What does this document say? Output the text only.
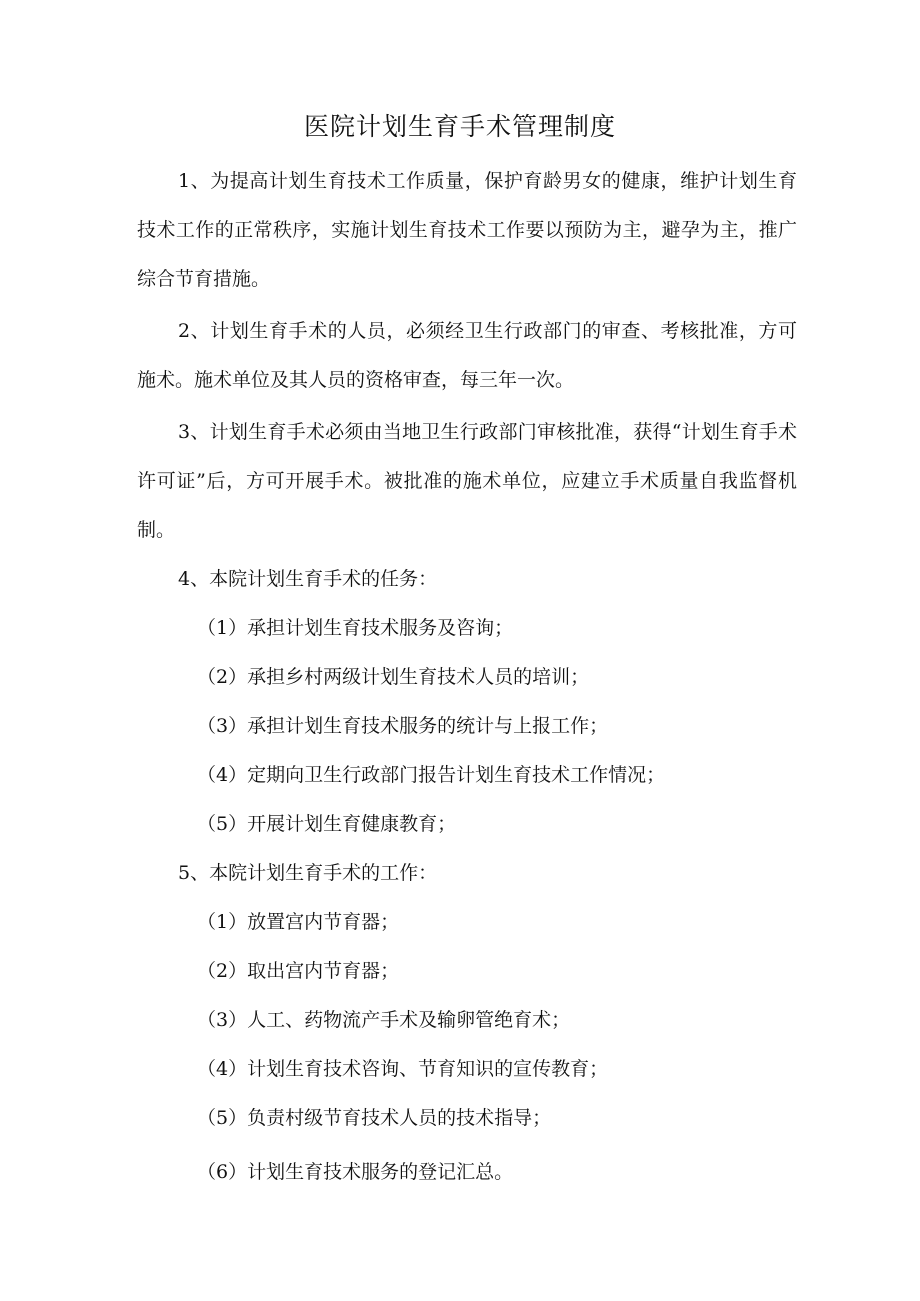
医院计划生育手术管理制度

1、为提高计划生育技术工作质量，保护育龄男女的健康，维护计划生育技术工作的正常秩序，实施计划生育技术工作要以预防为主，避孕为主，推广综合节育措施。

2、计划生育手术的人员，必须经卫生行政部门的审查、考核批准，方可施术。施术单位及其人员的资格审查，每三年一次。

3、计划生育手术必须由当地卫生行政部门审核批准，获得“计划生育手术许可证”后，方可开展手术。被批准的施术单位，应建立手术质量自我监督机制。

4、本院计划生育手术的任务：

（1）承担计划生育技术服务及咨询；

（2）承担乡村两级计划生育技术人员的培训；

（3）承担计划生育技术服务的统计与上报工作；

（4）定期向卫生行政部门报告计划生育技术工作情况；

（5）开展计划生育健康教育；

5、本院计划生育手术的工作：

（1）放置宫内节育器；

（2）取出宫内节育器；

（3）人工、药物流产手术及输卵管绝育术；

（4）计划生育技术咨询、节育知识的宣传教育；

（5）负责村级节育技术人员的技术指导；

（6）计划生育技术服务的登记汇总。
